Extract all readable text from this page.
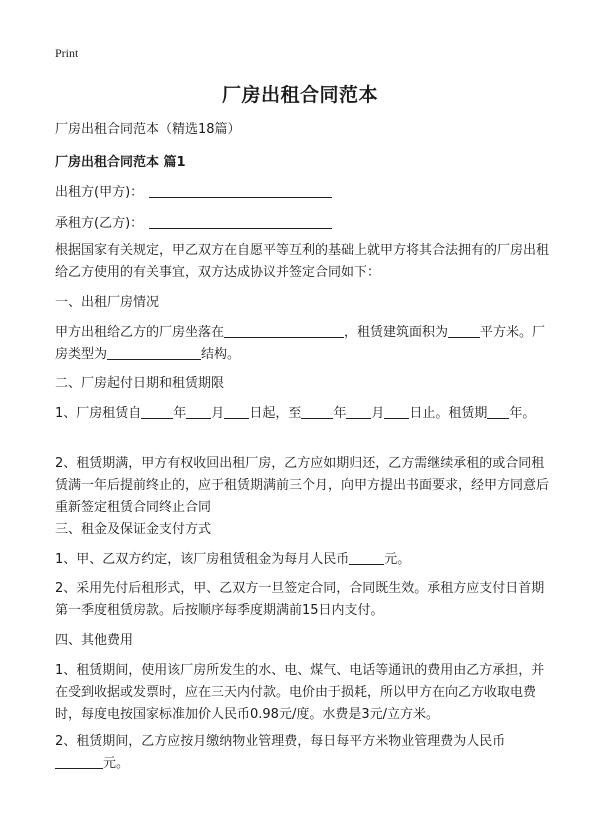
Print
厂房出租合同范本
厂房出租合同范本（精选18篇）
厂房出租合同范本 篇1
出租方(甲方)：
承租方(乙方)：
根据国家有关规定，甲乙双方在自愿平等互利的基础上就甲方将其合法拥有的厂房出租给乙方使用的有关事宜，双方达成协议并签定合同如下：
一、出租厂房情况
甲方出租给乙方的厂房坐落在	，租赁建筑面积为 平方米。厂房类型为	结构。
二、厂房起付日期和租赁期限
1、厂房租赁自 年 月 日起，至 年 月 日止。租赁期 年。
2、租赁期满，甲方有权收回出租厂房，乙方应如期归还，乙方需继续承租的或合同租赁满一年后提前终止的，应于租赁期满前三个月，向甲方提出书面要求，经甲方同意后重新签定租赁合同终止合同
三、租金及保证金支付方式
1、甲、乙双方约定，该厂房租赁租金为每月人民币	元。
2、采用先付后租形式，甲、乙双方一旦签定合同，合同既生效。承租方应支付日首期第一季度租赁房款。后按顺序每季度期满前15日内支付。
四、其他费用
1、租赁期间，使用该厂房所发生的水、电、煤气、电话等通讯的费用由乙方承担，并在受到收据或发票时，应在三天内付款。电价由于损耗，所以甲方在向乙方收取电费时，每度电按国家标准加价人民币0.98元/度。水费是3元/立方米。
2、租赁期间，乙方应按月缴纳物业管理费，每日每平方米物业管理费为人民币元。
